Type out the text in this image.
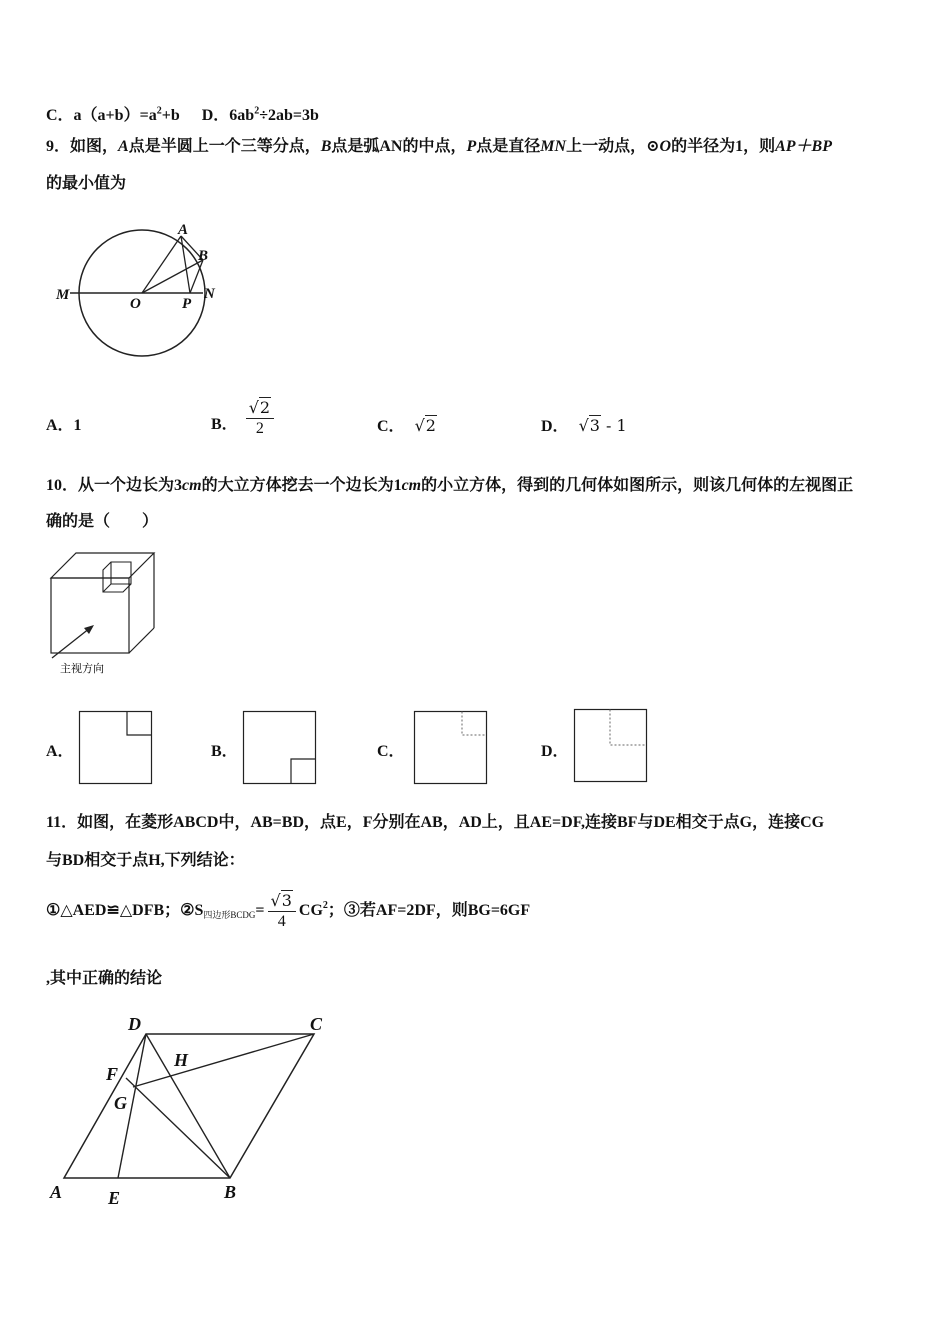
C．$a(a+b)=a^2+b$ D．$6ab^2\div 2ab=3b$
9．如图，A点是半圆上一个三等分点，B点是弧AN的中点，P点是直径MN上一动点，⊙O的半径为1，则AP＋BP
的最小值为
A
B
M
O	P
N
A．1	B． $\frac{√2}{2}$	C． √2	D． √3 - 1
10．从一个边长为3cm的大立方体挖去一个边长为1cm的小立方体，得到的几何体如图所示，则该几何体的左视图正
确的是（　　）
主视方向
A．	B．	C．	D．
11．如图，在菱形ABCD中，AB=BD，点E，F分别在AB，AD上，且AE=DF,连接BF与DE相交于点G，连接CG
与BD相交于点H,下列结论：
①△AED≌△DFB；②S 四边形BCDG = $\frac{√3}{4} CG^2$ ；③若AF=2DF，则BG=6GF
,其中正确的结论
A	B
C
D
E
F
G
H
